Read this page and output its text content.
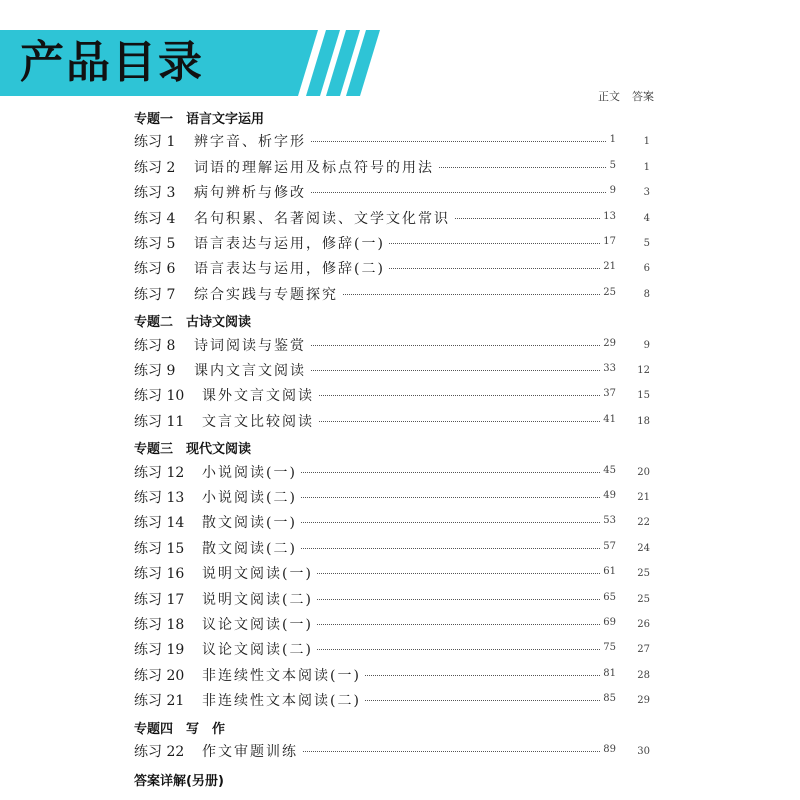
产品目录
正文 答案
专题一　语言文字运用
练习 1 辨字音、析字形	1	1
练习 2 词语的理解运用及标点符号的用法	5	1
练习 3 病句辨析与修改	9	3
练习 4 名句积累、名著阅读、文学文化常识	13	4
练习 5 语言表达与运用，修辞(一)	17	5
练习 6 语言表达与运用，修辞(二)	21	6
练习 7 综合实践与专题探究	25	8
专题二　古诗文阅读
练习 8 诗词阅读与鉴赏	29	9
练习 9 课内文言文阅读	33 12
练习 10 课外文言文阅读	37 15
练习 11 文言文比较阅读	41 18
专题三　现代文阅读
练习 12 小说阅读(一)	45 20
练习 13 小说阅读(二)	49 21
练习 14 散文阅读(一)	53 22
练习 15 散文阅读(二)	57 24
练习 16 说明文阅读(一)	61 25
练习 17 说明文阅读(二)	65 25
练习 18 议论文阅读(一)	69 26
练习 19 议论文阅读(二)	75 27
练习 20 非连续性文本阅读(一)	81 28
练习 21 非连续性文本阅读(二)	85 29
专题四　写　作
练习 22 作文审题训练	89 30
答案详解(另册)
